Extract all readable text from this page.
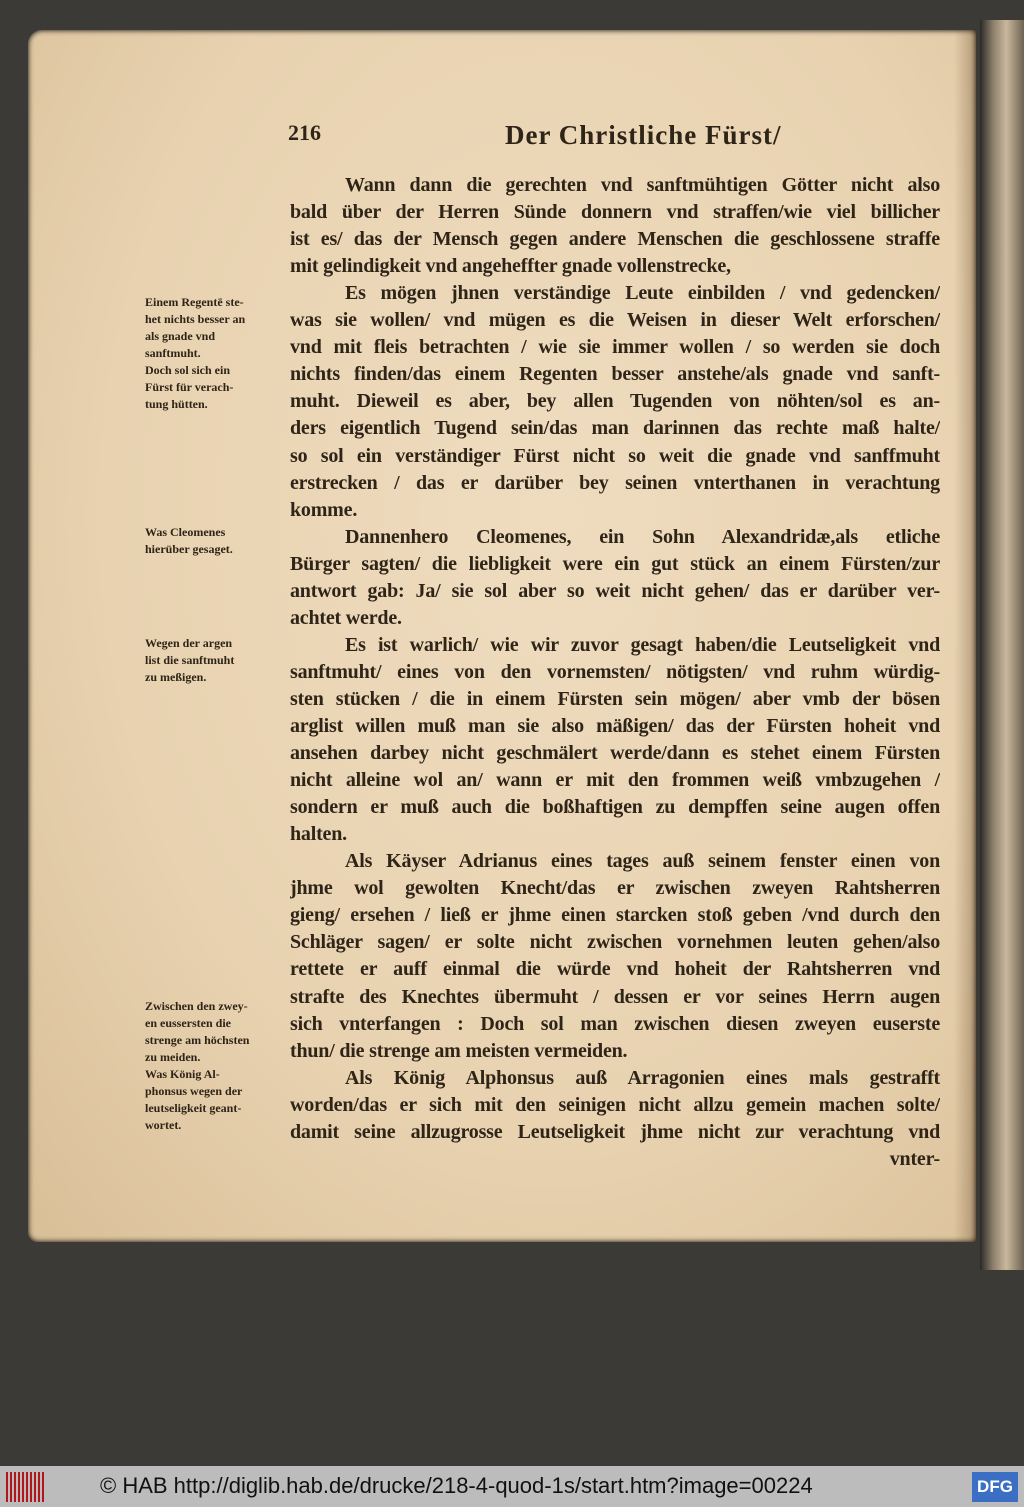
216	Der Christliche Fürst/
Wann dann die gerechten vnd sanftmühtigen Götter nicht also
bald über der Herren Sünde donnern vnd straffen/wie viel billicher
ist es/ das der Mensch gegen andere Menschen die geschlossene straffe
mit gelindigkeit vnd angeheffter gnade vollenstrecke,
Es mögen jhnen verständige Leute einbilden / vnd gedencken/
was sie wollen/ vnd mügen es die Weisen in dieser Welt erforschen/
vnd mit fleis betrachten / wie sie immer wollen / so werden sie doch
nichts finden/das einem Regenten besser anstehe/als gnade vnd sanft-
muht. Dieweil es aber, bey allen Tugenden von nöhten/sol es an-
ders eigentlich Tugend sein/das man darinnen das rechte maß halte/
so sol ein verständiger Fürst nicht so weit die gnade vnd sanffmuht
erstrecken / das er darüber bey seinen vnterthanen in verachtung
komme.
Dannenhero Cleomenes, ein Sohn Alexandridæ,als etliche
Bürger sagten/ die liebligkeit were ein gut stück an einem Fürsten/zur
antwort gab: Ja/ sie sol aber so weit nicht gehen/ das er darüber ver-
achtet werde.
Es ist warlich/ wie wir zuvor gesagt haben/die Leutseligkeit vnd
sanftmuht/ eines von den vornemsten/ nötigsten/ vnd ruhm würdig-
sten stücken / die in einem Fürsten sein mögen/ aber vmb der bösen
arglist willen muß man sie also mäßigen/ das der Fürsten hoheit vnd
ansehen darbey nicht geschmälert werde/dann es stehet einem Fürsten
nicht alleine wol an/ wann er mit den frommen weiß vmbzugehen /
sondern er muß auch die boßhaftigen zu dempffen seine augen offen
halten.
Als Käyser Adrianus eines tages auß seinem fenster einen von
jhme wol gewolten Knecht/das er zwischen zweyen Rahtsherren
gieng/ ersehen / ließ er jhme einen starcken stoß geben /vnd durch den
Schläger sagen/ er solte nicht zwischen vornehmen leuten gehen/also
rettete er auff einmal die würde vnd hoheit der Rahtsherren vnd
strafte des Knechtes übermuht / dessen er vor seines Herrn augen
sich vnterfangen : Doch sol man zwischen diesen zweyen euserste
thun/ die strenge am meisten vermeiden.
Als König Alphonsus auß Arragonien eines mals gestrafft
worden/das er sich mit den seinigen nicht allzu gemein machen solte/
damit seine allzugrosse Leutseligkeit jhme nicht zur verachtung vnd
vnter-
Einem Regentē ste-
het nichts besser an
als gnade vnd
sanftmuht.
Doch sol sich ein
Fürst für verach-
tung hütten.
Was Cleomenes
hierüber gesaget.
Wegen der argen
list die sanftmuht
zu meßigen.
Zwischen den zwey-
en eussersten die
strenge am höchsten
zu meiden.
Was König Al-
phonsus wegen der
leutseligkeit geant-
wortet.
© HAB http://diglib.hab.de/drucke/218-4-quod-1s/start.htm?image=00224	DFG
